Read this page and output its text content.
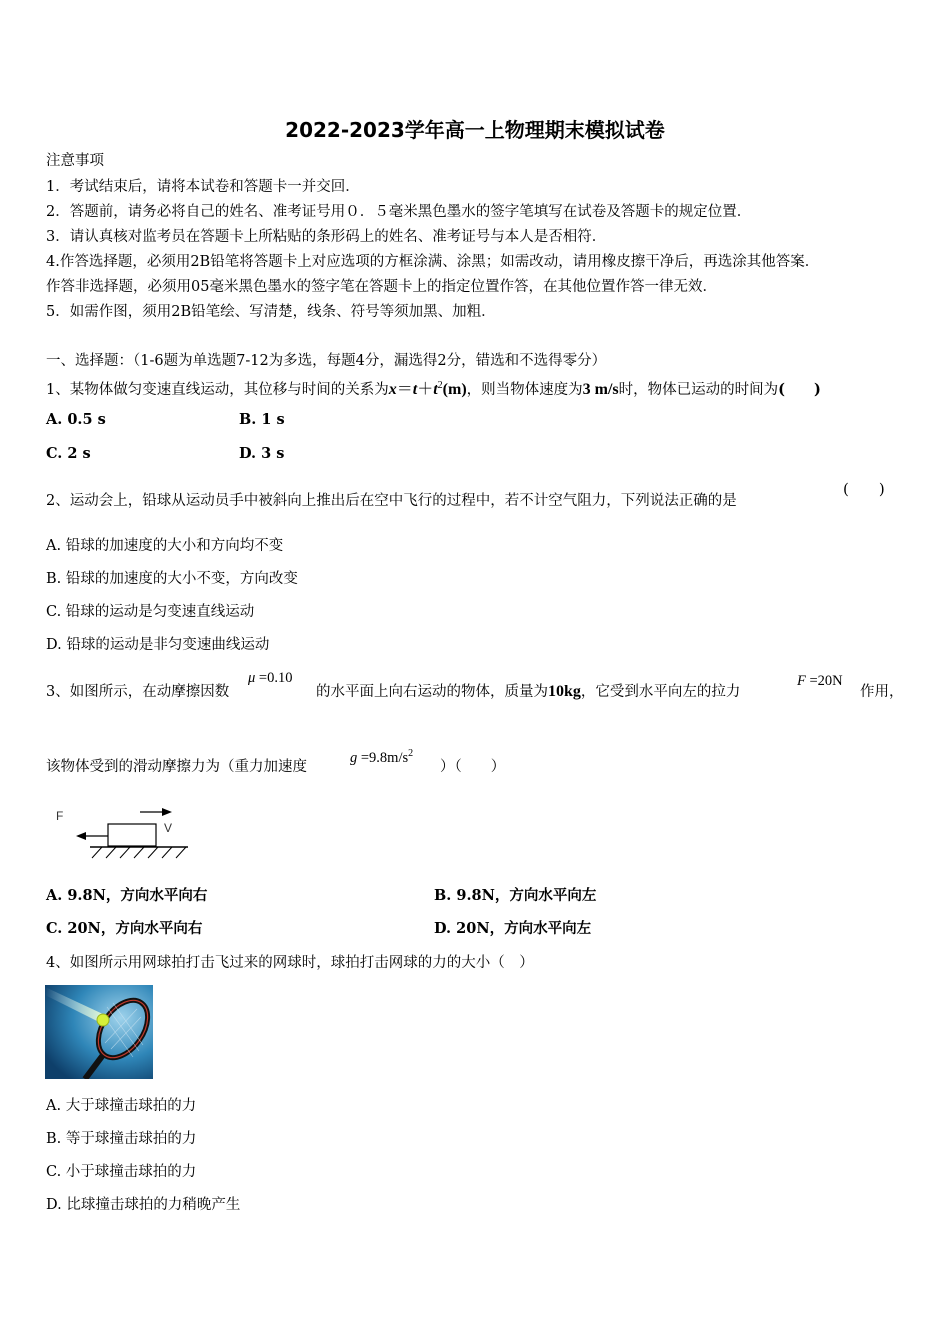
2022-2023学年高一上物理期末模拟试卷
注意事项
1．考试结束后，请将本试卷和答题卡一并交回．
2．答题前，请务必将自己的姓名、准考证号用０．５毫米黑色墨水的签字笔填写在试卷及答题卡的规定位置．
3．请认真核对监考员在答题卡上所粘贴的条形码上的姓名、准考证号与本人是否相符．
4.作答选择题，必须用2B铅笔将答题卡上对应选项的方框涂满、涂黑；如需改动，请用橡皮擦干净后，再选涂其他答案．
作答非选择题，必须用05毫米黑色墨水的签字笔在答题卡上的指定位置作答，在其他位置作答一律无效．
5．如需作图，须用2B铅笔绘、写清楚，线条、符号等须加黑、加粗．
一、选择题：（1-6题为单选题7-12为多选，每题4分，漏选得2分，错选和不选得零分）
1、某物体做匀变速直线运动，其位移与时间的关系为$x=t+t^2(m)$，则当物体速度为3 m/s时，物体已运动的时间为(　　)
A. 0.5 s	B. 1 s
C. 2 s	D. 3 s
2、运动会上，铅球从运动员手中被斜向上推出后在空中飞行的过程中，若不计空气阻力，下列说法正确的是
(　　)
A. 铅球的加速度的大小和方向均不变
B. 铅球的加速度的大小不变，方向改变
C. 铅球的运动是匀变速直线运动
D. 铅球的运动是非匀变速曲线运动
3、如图所示，在动摩擦因数
μ =0.10
的水平面上向右运动的物体，质量为10kg，它受到水平向左的拉力
F =20N
作用，
该物体受到的滑动摩擦力为（重力加速度
$g =9.8m/s^2$
）（　　）
F
V
A. 9.8N，方向水平向右	B. 9.8N，方向水平向左
C. 20N，方向水平向右	D. 20N，方向水平向左
4、如图所示用网球拍打击飞过来的网球时，球拍打击网球的力的大小（　）
A. 大于球撞击球拍的力
B. 等于球撞击球拍的力
C. 小于球撞击球拍的力
D. 比球撞击球拍的力稍晚产生
